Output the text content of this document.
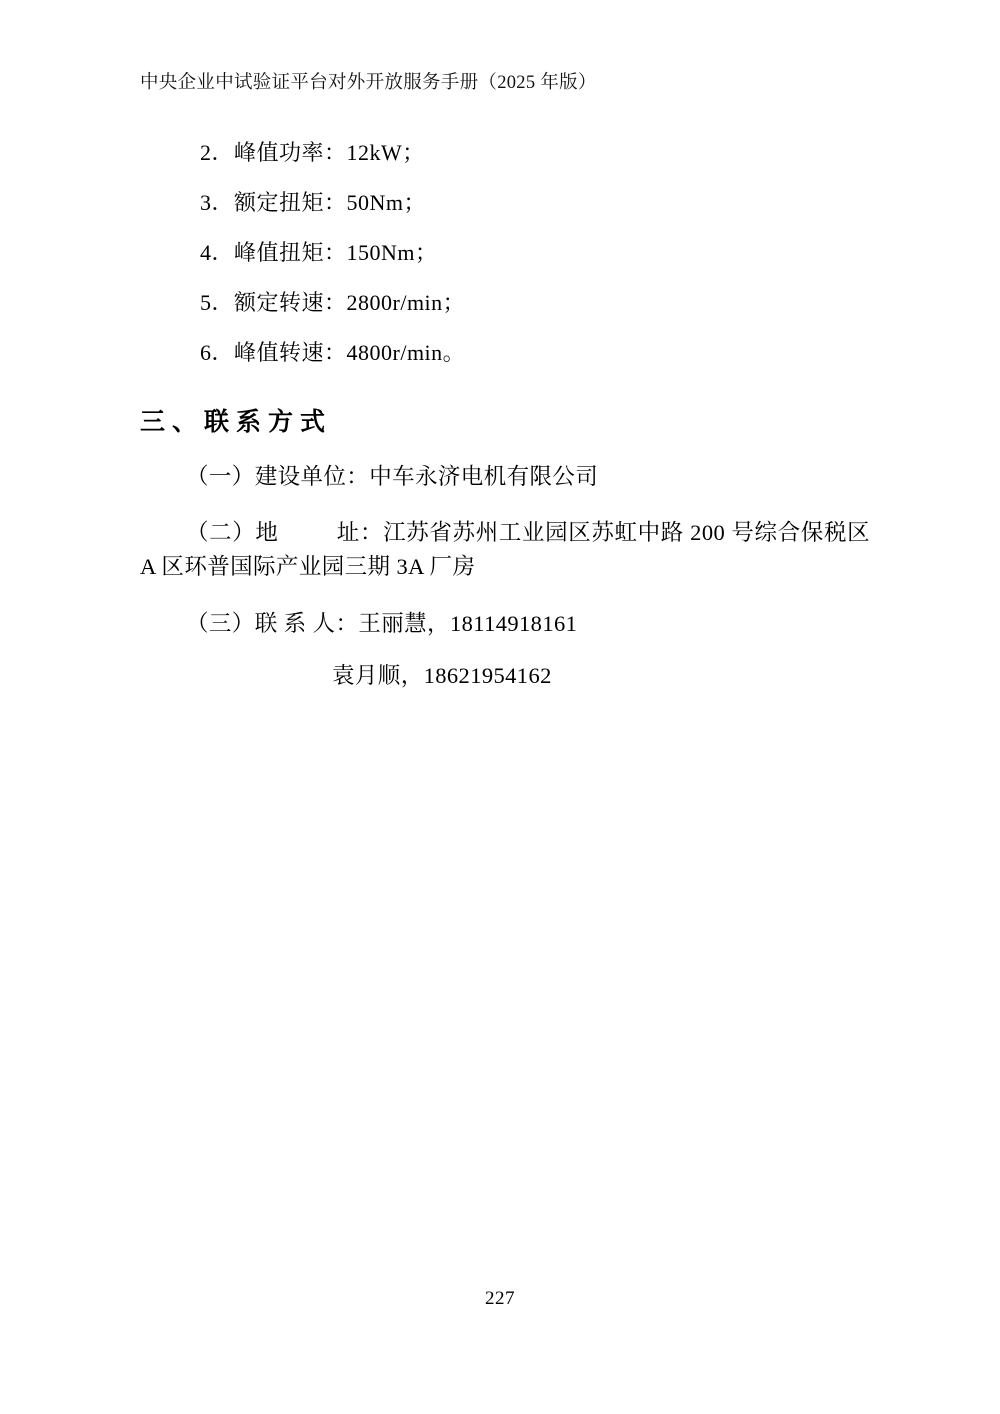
中央企业中试验证平台对外开放服务手册（2025 年版）
2．峰值功率：12kW；
3．额定扭矩：50Nm；
4．峰值扭矩：150Nm；
5．额定转速：2800r/min；
6．峰值转速：4800r/min。
三、联系方式
（一）建设单位：中车永济电机有限公司
（二）地	址：江苏省苏州工业园区苏虹中路 200 号综合保税区 A 区环普国际产业园三期 3A 厂房
（三）联 系 人：王丽慧，18114918161
袁月顺，18621954162
227
